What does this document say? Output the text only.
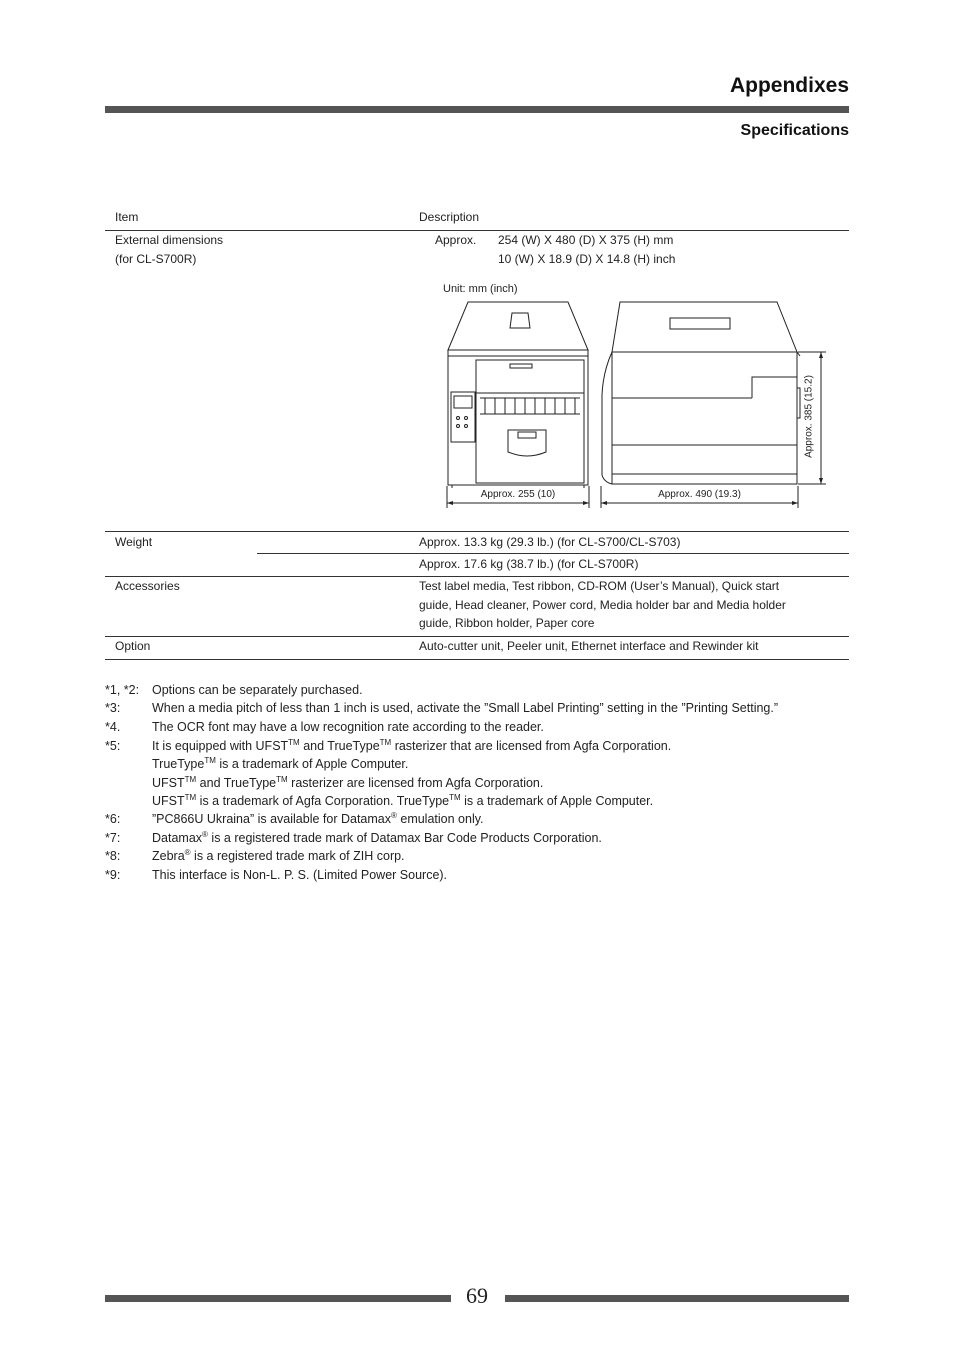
Appendixes
Specifications
Item	Description
External dimensions
(for CL-S700R)
Approx. 254 (W) X 480 (D) X 375 (H) mm
10 (W) X 18.9 (D) X 14.8 (H) inch
Unit: mm (inch)
Approx. 255 (10)	Approx. 490 (19.3)
Approx. 385 (15.2)
Weight	Approx. 13.3 kg (29.3 lb.) (for CL-S700/CL-S703)
Approx. 17.6 kg (38.7 lb.) (for CL-S700R)
Accessories	Test label media, Test ribbon, CD-ROM (User’s Manual), Quick start
guide, Head cleaner, Power cord, Media holder bar and Media holder
guide, Ribbon holder, Paper core
Option	Auto-cutter unit, Peeler unit, Ethernet interface and Rewinder kit
*1, *2: Options can be separately purchased.
*3:	When a media pitch of less than 1 inch is used, activate the ”Small Label Printing” setting in the ”Printing Setting.”
*4.	The OCR font may have a low recognition rate according to the reader.
*5:	It is equipped with UFST™ and TrueType™ rasterizer that are licensed from Agfa Corporation.
TrueType™ is a trademark of Apple Computer.
UFST™ and TrueType™ rasterizer are licensed from Agfa Corporation.
UFST™ is a trademark of Agfa Corporation. TrueType™ is a trademark of Apple Computer.
*6:	”PC866U Ukraina” is available for Datamax® emulation only.
*7:	Datamax® is a registered trade mark of Datamax Bar Code Products Corporation.
*8:	Zebra® is a registered trade mark of ZIH corp.
*9:	This interface is Non-L. P. S. (Limited Power Source).
69
